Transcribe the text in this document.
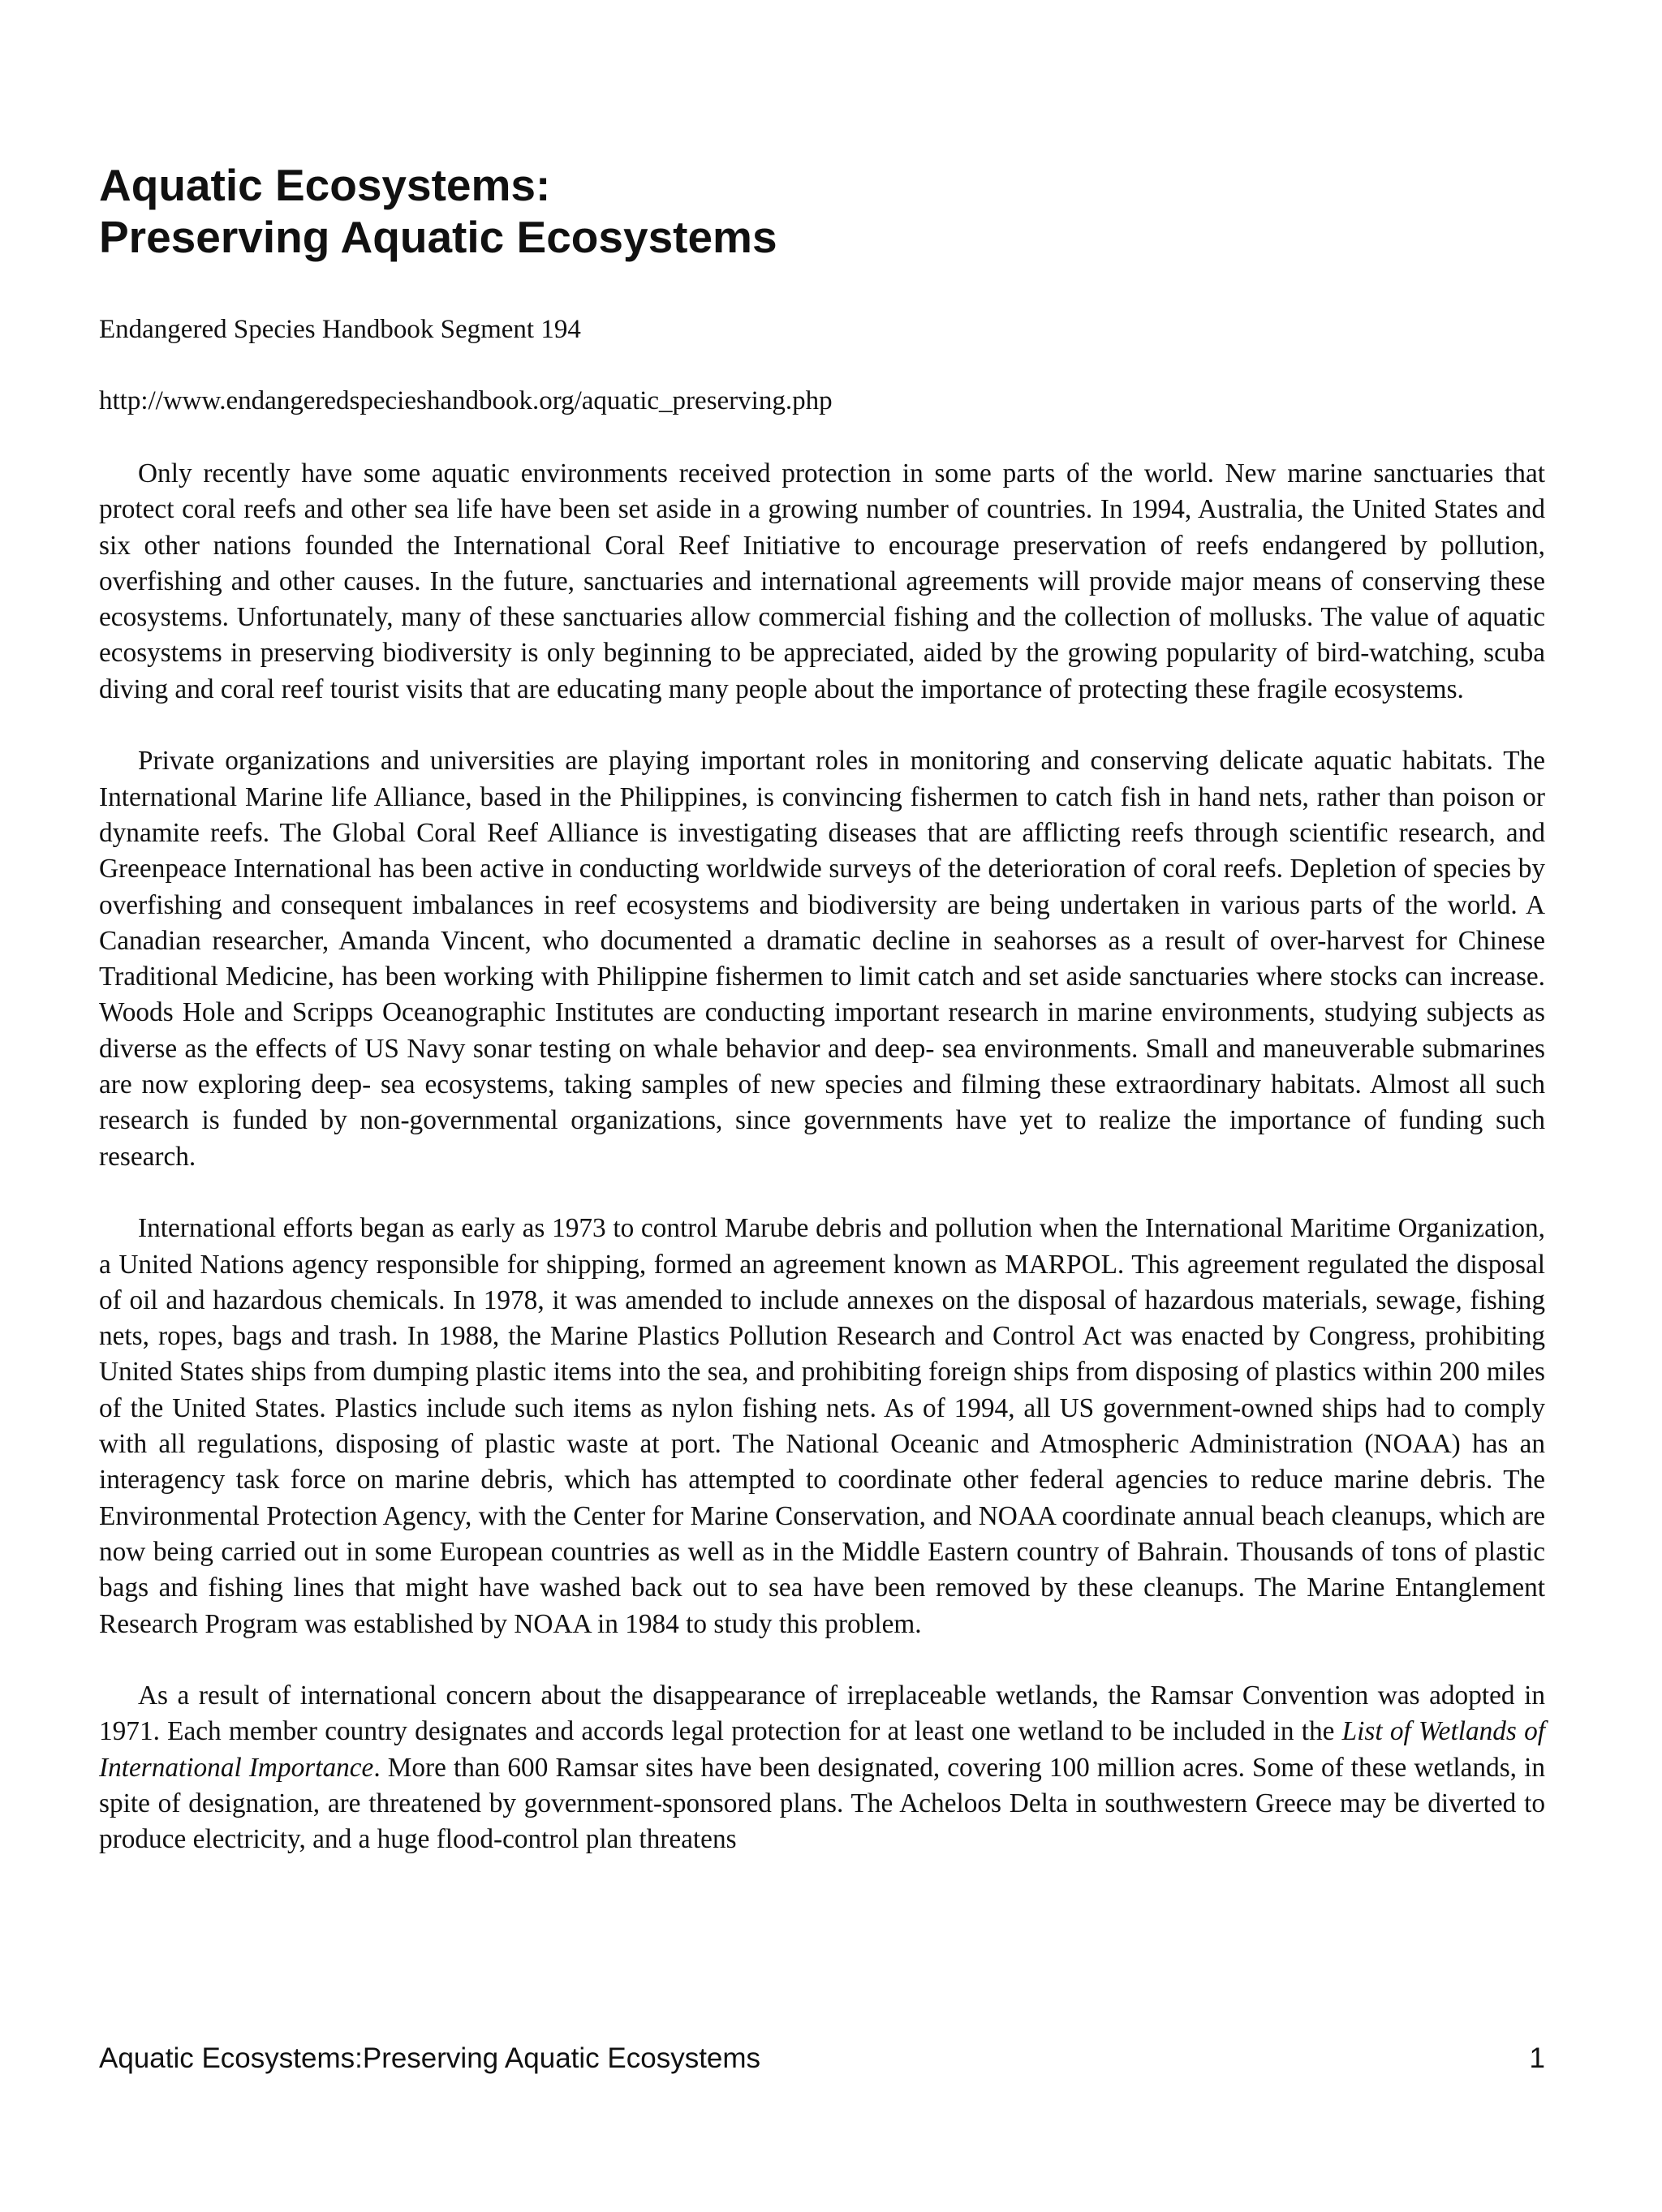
Aquatic Ecosystems:
Preserving Aquatic Ecosystems

Endangered Species Handbook Segment 194

http://www.endangeredspecieshandbook.org/aquatic_preserving.php

Only recently have some aquatic environments received protection in some parts of the world. New marine sanctuaries that protect coral reefs and other sea life have been set aside in a growing number of countries. In 1994, Australia, the United States and six other nations founded the International Coral Reef Initiative to encourage preservation of reefs endangered by pollution, overfishing and other causes. In the future, sanctuaries and international agreements will provide major means of conserving these ecosystems. Unfortunately, many of these sanctuaries allow commercial fishing and the collection of mollusks. The value of aquatic ecosystems in preserving biodiversity is only beginning to be appreciated, aided by the growing popularity of bird-watching, scuba diving and coral reef tourist visits that are educating many people about the importance of protecting these fragile ecosystems.

Private organizations and universities are playing important roles in monitoring and conserving delicate aquatic habitats. The International Marine life Alliance, based in the Philippines, is convincing fishermen to catch fish in hand nets, rather than poison or dynamite reefs. The Global Coral Reef Alliance is investigating diseases that are afflicting reefs through scientific research, and Greenpeace International has been active in conducting worldwide surveys of the deterioration of coral reefs. Depletion of species by overfishing and consequent imbalances in reef ecosystems and biodiversity are being undertaken in various parts of the world. A Canadian researcher, Amanda Vincent, who documented a dramatic decline in seahorses as a result of over-harvest for Chinese Traditional Medicine, has been working with Philippine fishermen to limit catch and set aside sanctuaries where stocks can increase. Woods Hole and Scripps Oceanographic Institutes are conducting important research in marine environments, studying subjects as diverse as the effects of US Navy sonar testing on whale behavior and deep- sea environments. Small and maneuverable submarines are now exploring deep- sea ecosystems, taking samples of new species and filming these extraordinary habitats. Almost all such research is funded by non-governmental organizations, since governments have yet to realize the importance of funding such research.

International efforts began as early as 1973 to control Marube debris and pollution when the International Maritime Organization, a United Nations agency responsible for shipping, formed an agreement known as MARPOL. This agreement regulated the disposal of oil and hazardous chemicals. In 1978, it was amended to include annexes on the disposal of hazardous materials, sewage, fishing nets, ropes, bags and trash. In 1988, the Marine Plastics Pollution Research and Control Act was enacted by Congress, prohibiting United States ships from dumping plastic items into the sea, and prohibiting foreign ships from disposing of plastics within 200 miles of the United States. Plastics include such items as nylon fishing nets. As of 1994, all US government-owned ships had to comply with all regulations, disposing of plastic waste at port. The National Oceanic and Atmospheric Administration (NOAA) has an interagency task force on marine debris, which has attempted to coordinate other federal agencies to reduce marine debris. The Environmental Protection Agency, with the Center for Marine Conservation, and NOAA coordinate annual beach cleanups, which are now being carried out in some European countries as well as in the Middle Eastern country of Bahrain. Thousands of tons of plastic bags and fishing lines that might have washed back out to sea have been removed by these cleanups. The Marine Entanglement Research Program was established by NOAA in 1984 to study this problem.

As a result of international concern about the disappearance of irreplaceable wetlands, the Ramsar Convention was adopted in 1971. Each member country designates and accords legal protection for at least one wetland to be included in the List of Wetlands of International Importance. More than 600 Ramsar sites have been designated, covering 100 million acres. Some of these wetlands, in spite of designation, are threatened by government-sponsored plans. The Acheloos Delta in southwestern Greece may be diverted to produce electricity, and a huge flood-control plan threatens

Aquatic Ecosystems:Preserving Aquatic Ecosystems	1
